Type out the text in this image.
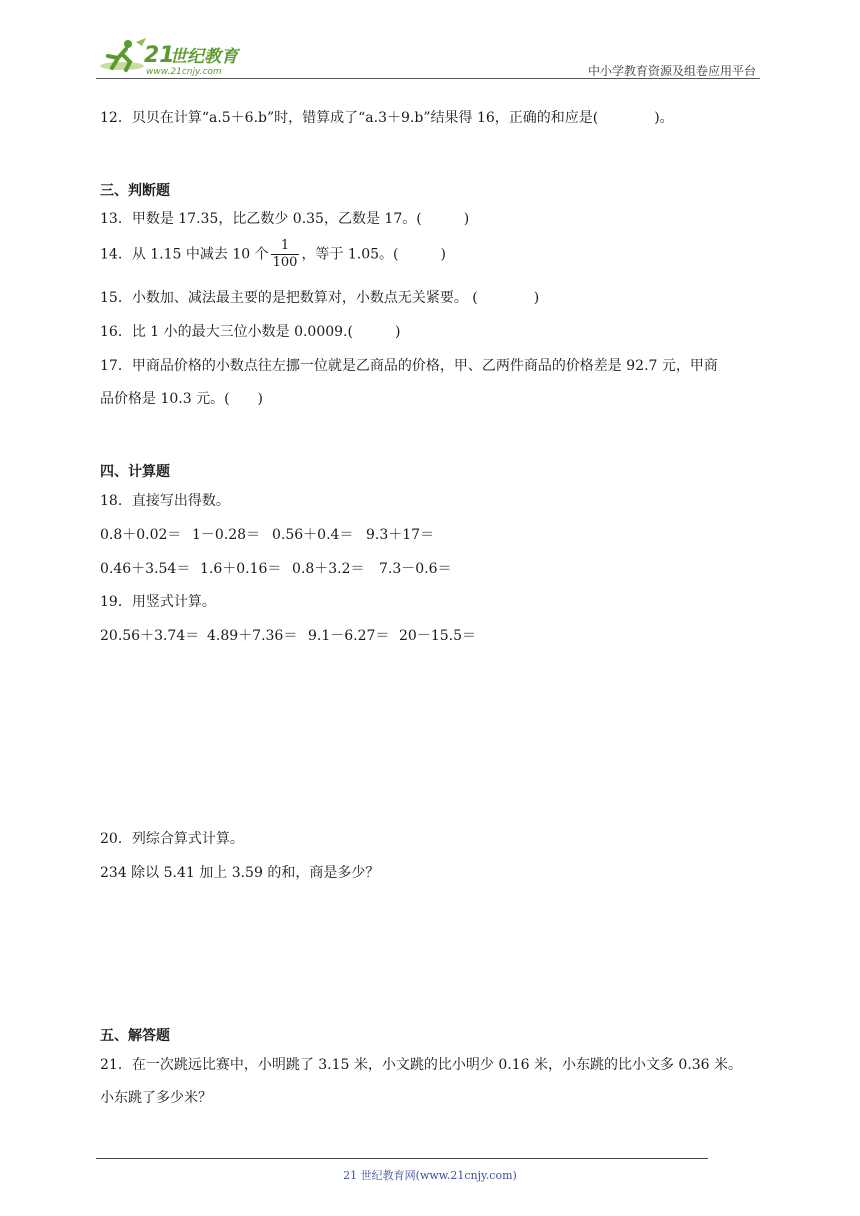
21
世纪教育
www.21cnjy.com	中小学教育资源及组卷应用平台
12．贝贝在计算“a.5＋6.b”时，错算成了“a.3＋9.b”结果得 16，正确的和应是(　　　　)。
三、判断题
13．甲数是 17.35，比乙数少 0.35，乙数是 17。(　　　)
14．从 1.15 中减去 10 个 $\frac{1}{100}$ ，等于 1.05。(　　　)
15．小数加、减法最主要的是把数算对，小数点无关紧要。 (　　　　)
16．比 1 小的最大三位小数是 0.0009.(　　　)
17．甲商品价格的小数点往左挪一位就是乙商品的价格，甲、乙两件商品的价格差是 92.7 元，甲商
品价格是 10.3 元。(　　)
四、计算题
18．直接写出得数。
0.8＋0.02＝ 1－0.28＝ 0.56＋0.4＝ 9.3＋17＝
0.46＋3.54＝ 1.6＋0.16＝ 0.8＋3.2＝ 7.3－0.6＝
19．用竖式计算。
20.56＋3.74＝ 4.89＋7.36＝ 9.1－6.27＝ 20－15.5＝
20．列综合算式计算。
234 除以 5.41 加上 3.59 的和，商是多少？
五、解答题
21．在一次跳远比赛中，小明跳了 3.15 米，小文跳的比小明少 0.16 米，小东跳的比小文多 0.36 米。
小东跳了多少米？
21 世纪教育网(www.21cnjy.com)
